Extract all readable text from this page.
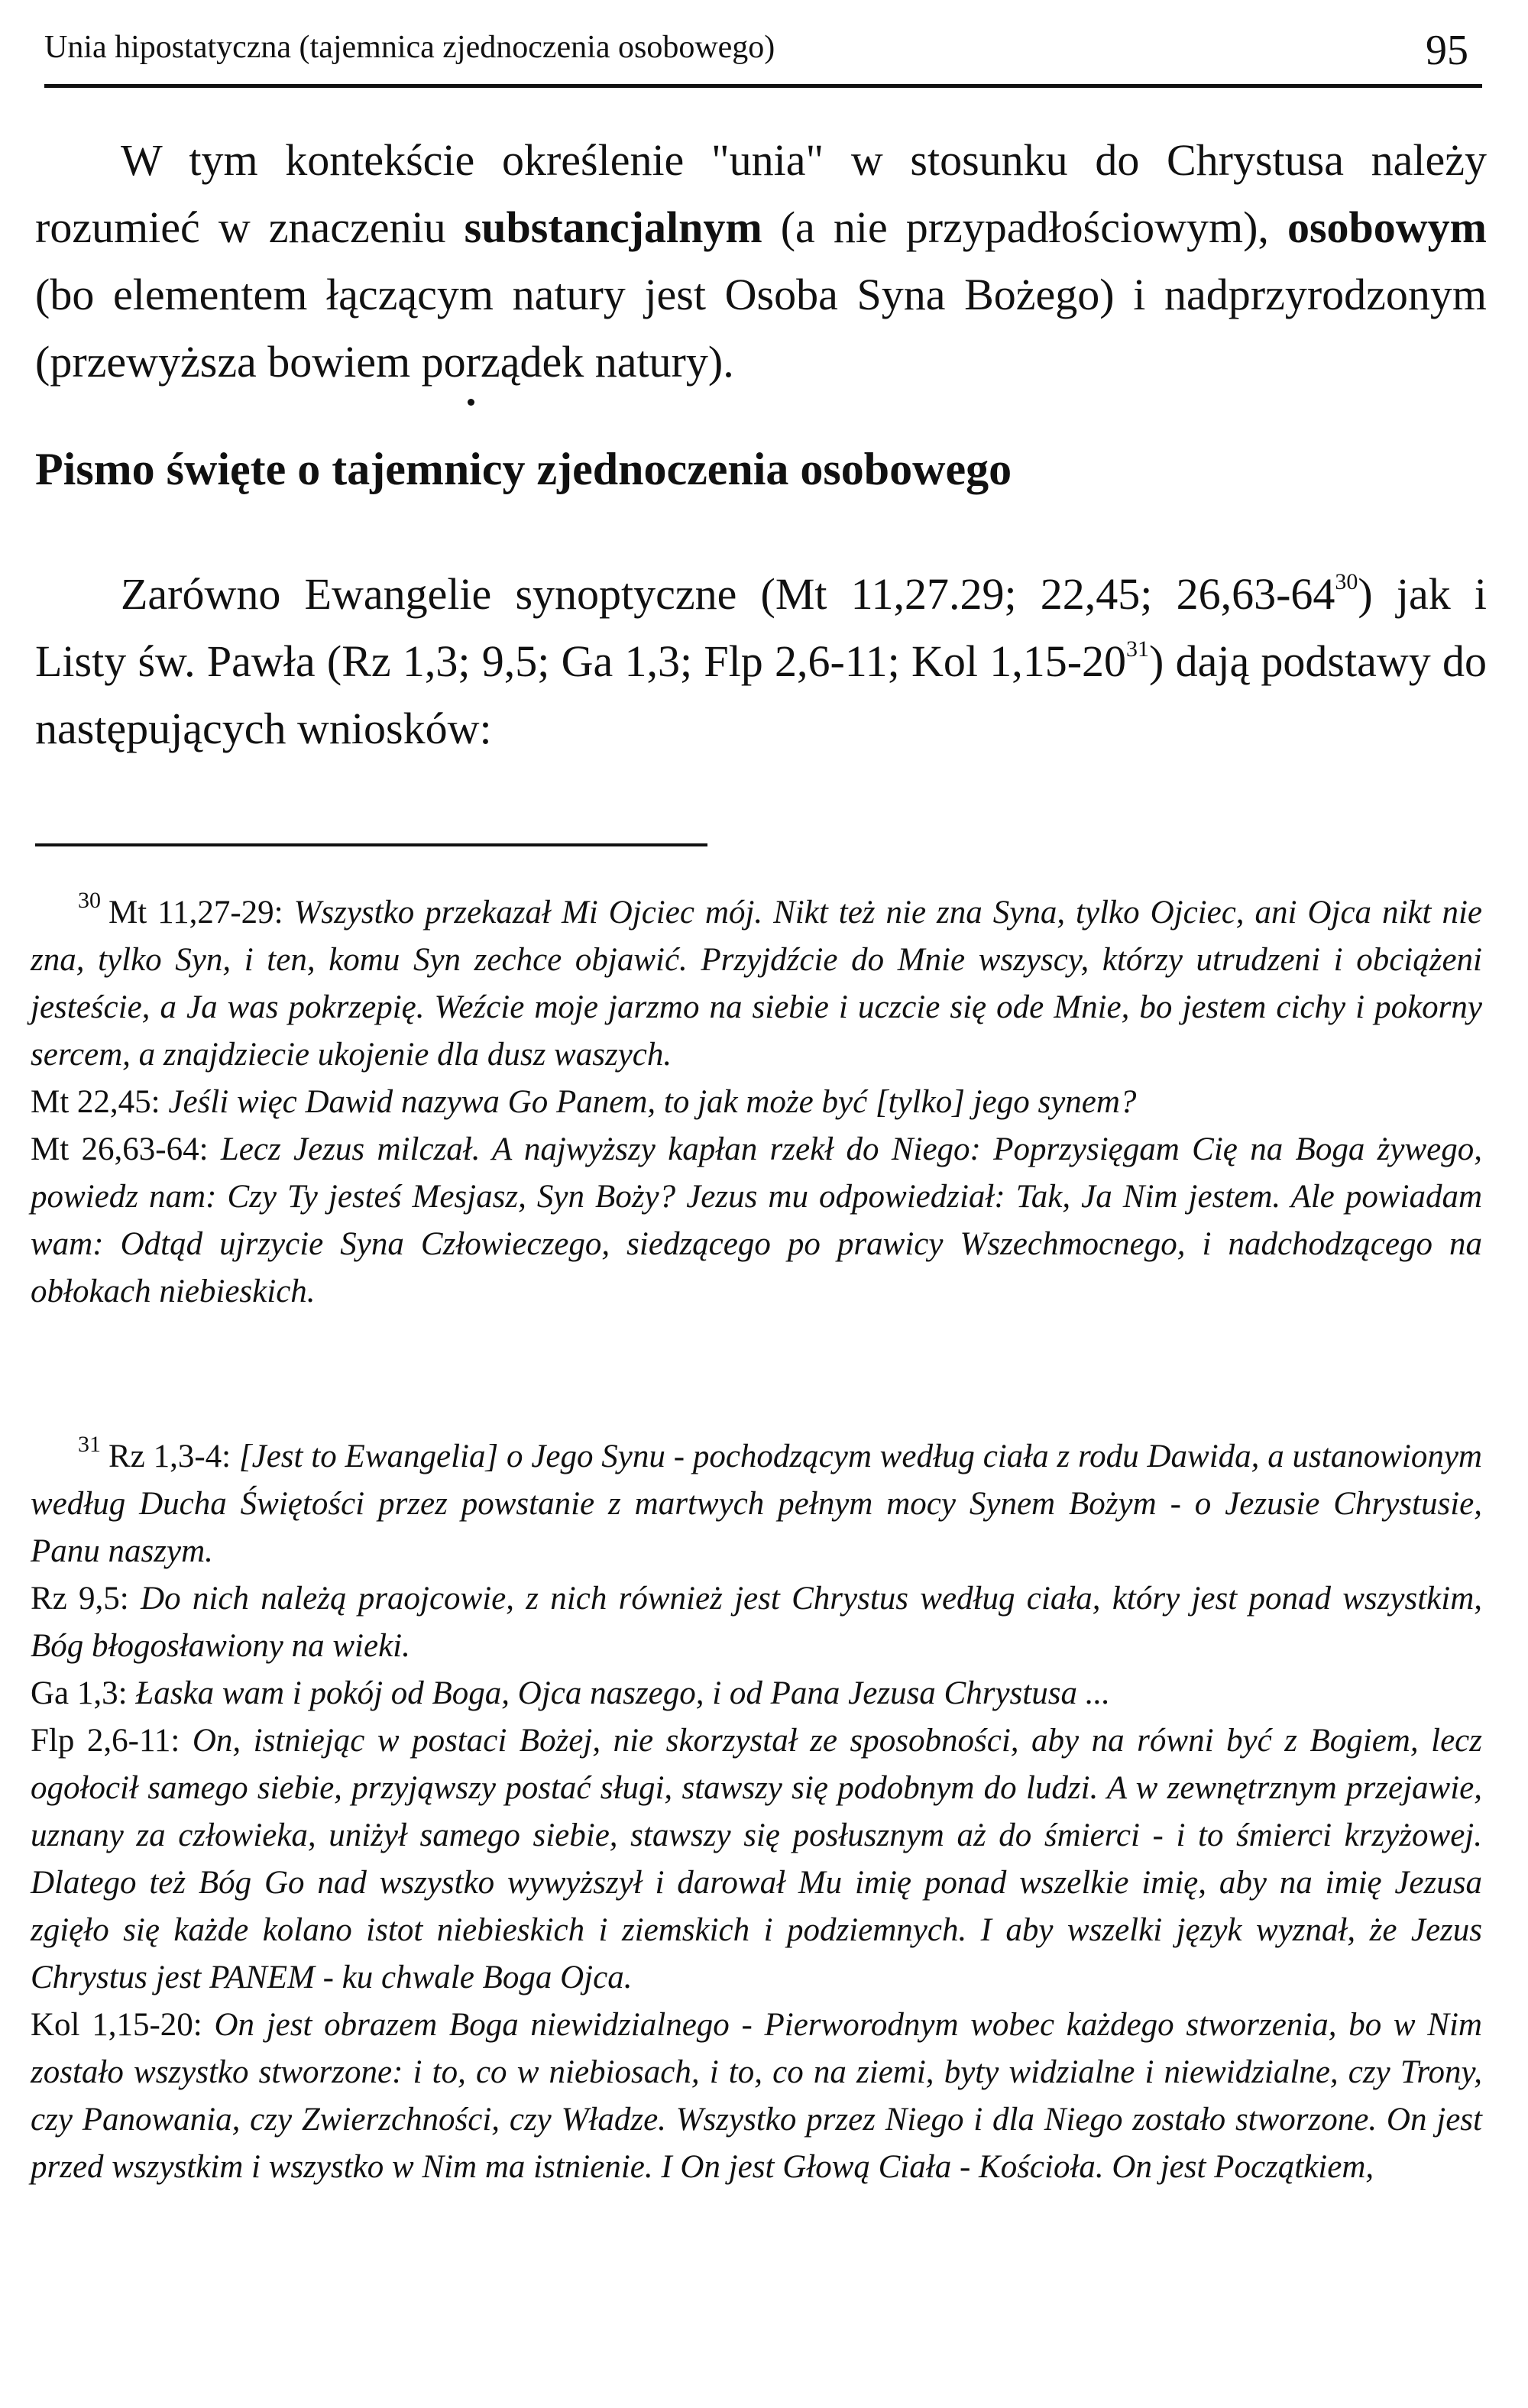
Unia hipostatyczna (tajemnica zjednoczenia osobowego)	95

W tym kontekście określenie "unia" w stosunku do Chrystusa należy rozumieć w znaczeniu substancjalnym (a nie przypadłościowym), osobowym (bo elementem łączącym natury jest Osoba Syna Bożego) i nadprzyrodzonym (przewyższa bowiem porządek natury).

Pismo święte o tajemnicy zjednoczenia osobowego

Zarówno Ewangelie synoptyczne (Mt 11,27.29; 22,45; $26,63-64^{30}$) jak i Listy św. Pawła (Rz 1,3; 9,5; Ga 1,3; Flp 2,6-11; Kol $1,15-20^{31}$) dają podstawy do następujących wniosków:

$^{30}$ Mt 11,27-29: Wszystko przekazał Mi Ojciec mój. Nikt też nie zna Syna, tylko Ojciec, ani Ojca nikt nie zna, tylko Syn, i ten, komu Syn zechce objawić. Przyjdźcie do Mnie wszyscy, którzy utrudzeni i obciążeni jesteście, a Ja was pokrzepię. Weźcie moje jarzmo na siebie i uczcie się ode Mnie, bo jestem cichy i pokorny sercem, a znajdziecie ukojenie dla dusz waszych.

Mt 22,45: Jeśli więc Dawid nazywa Go Panem, to jak może być [tylko] jego synem?

Mt 26,63-64: Lecz Jezus milczał. A najwyższy kapłan rzekł do Niego: Poprzysięgam Cię na Boga żywego, powiedz nam: Czy Ty jesteś Mesjasz, Syn Boży? Jezus mu odpowiedział: Tak, Ja Nim jestem. Ale powiadam wam: Odtąd ujrzycie Syna Człowieczego, siedzącego po prawicy Wszechmocnego, i nadchodzącego na obłokach niebieskich.

$^{31}$ Rz 1,3-4: [Jest to Ewangelia] o Jego Synu - pochodzącym według ciała z rodu Dawida, a ustanowionym według Ducha Świętości przez powstanie z martwych pełnym mocy Synem Bożym - o Jezusie Chrystusie, Panu naszym.

Rz 9,5: Do nich należą praojcowie, z nich również jest Chrystus według ciała, który jest ponad wszystkim, Bóg błogosławiony na wieki.

Ga 1,3: Łaska wam i pokój od Boga, Ojca naszego, i od Pana Jezusa Chrystusa ...

Flp 2,6-11: On, istniejąc w postaci Bożej, nie skorzystał ze sposobności, aby na równi być z Bogiem, lecz ogołocił samego siebie, przyjąwszy postać sługi, stawszy się podobnym do ludzi. A w zewnętrznym przejawie, uznany za człowieka, uniżył samego siebie, stawszy się posłusznym aż do śmierci - i to śmierci krzyżowej. Dlatego też Bóg Go nad wszystko wywyższył i darował Mu imię ponad wszelkie imię, aby na imię Jezusa zgięło się każde kolano istot niebieskich i ziemskich i podziemnych. I aby wszelki język wyznał, że Jezus Chrystus jest PANEM - ku chwale Boga Ojca.

Kol 1,15-20: On jest obrazem Boga niewidzialnego - Pierworodnym wobec każdego stworzenia, bo w Nim zostało wszystko stworzone: i to, co w niebiosach, i to, co na ziemi, byty widzialne i niewidzialne, czy Trony, czy Panowania, czy Zwierzchności, czy Władze. Wszystko przez Niego i dla Niego zostało stworzone. On jest przed wszystkim i wszystko w Nim ma istnienie. I On jest Głową Ciała - Kościoła. On jest Początkiem,
